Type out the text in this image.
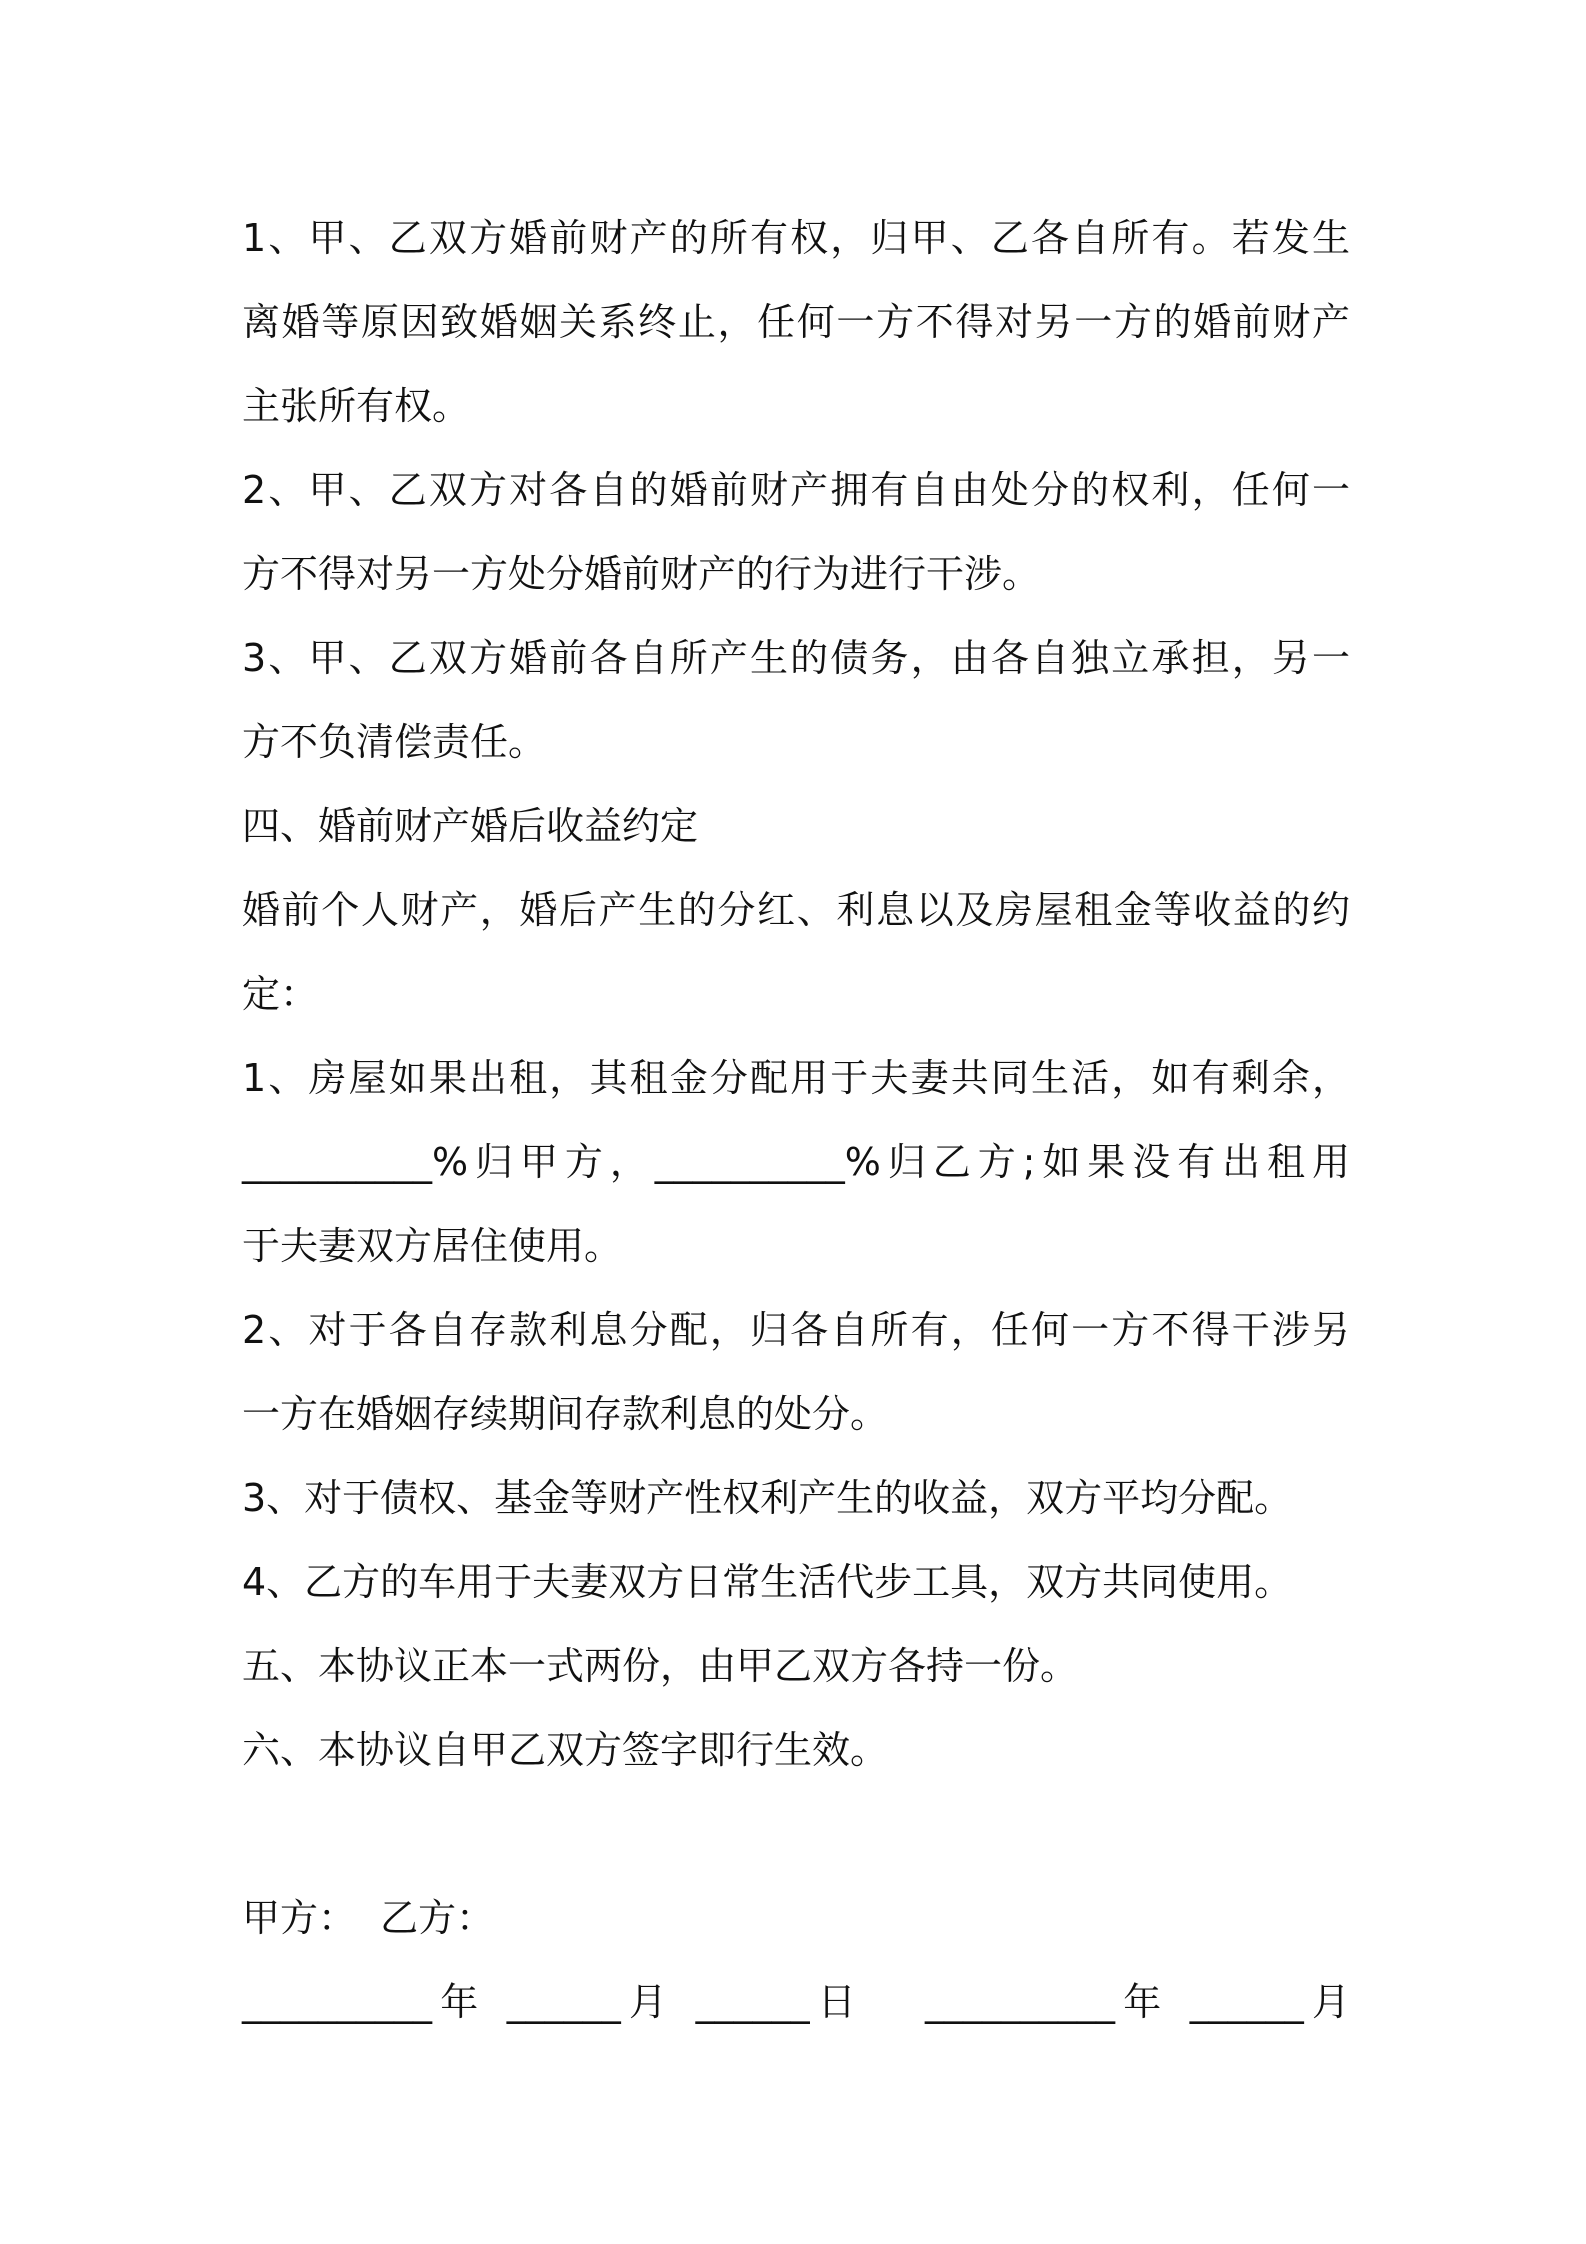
1、甲、乙双方婚前财产的所有权，归甲、乙各自所有。若发生
离婚等原因致婚姻关系终止，任何一方不得对另一方的婚前财产
主张所有权。
2、甲、乙双方对各自的婚前财产拥有自由处分的权利，任何一
方不得对另一方处分婚前财产的行为进行干涉。
3、甲、乙双方婚前各自所产生的债务，由各自独立承担，另一
方不负清偿责任。
四、婚前财产婚后收益约定
婚前个人财产，婚后产生的分红、利息以及房屋租金等收益的约
定：
1、房屋如果出租，其租金分配用于夫妻共同生活，如有剩余，
__________%归甲方，__________%归乙方;如果没有出租用
于夫妻双方居住使用。
2、对于各自存款利息分配，归各自所有，任何一方不得干涉另
一方在婚姻存续期间存款利息的处分。
3、对于债权、基金等财产性权利产生的收益，双方平均分配。
4、乙方的车用于夫妻双方日常生活代步工具，双方共同使用。
五、本协议正本一式两份，由甲乙双方各持一份。
六、本协议自甲乙双方签字即行生效。
甲方：  乙方：
__________年 ______月 ______日   __________年 ______月
